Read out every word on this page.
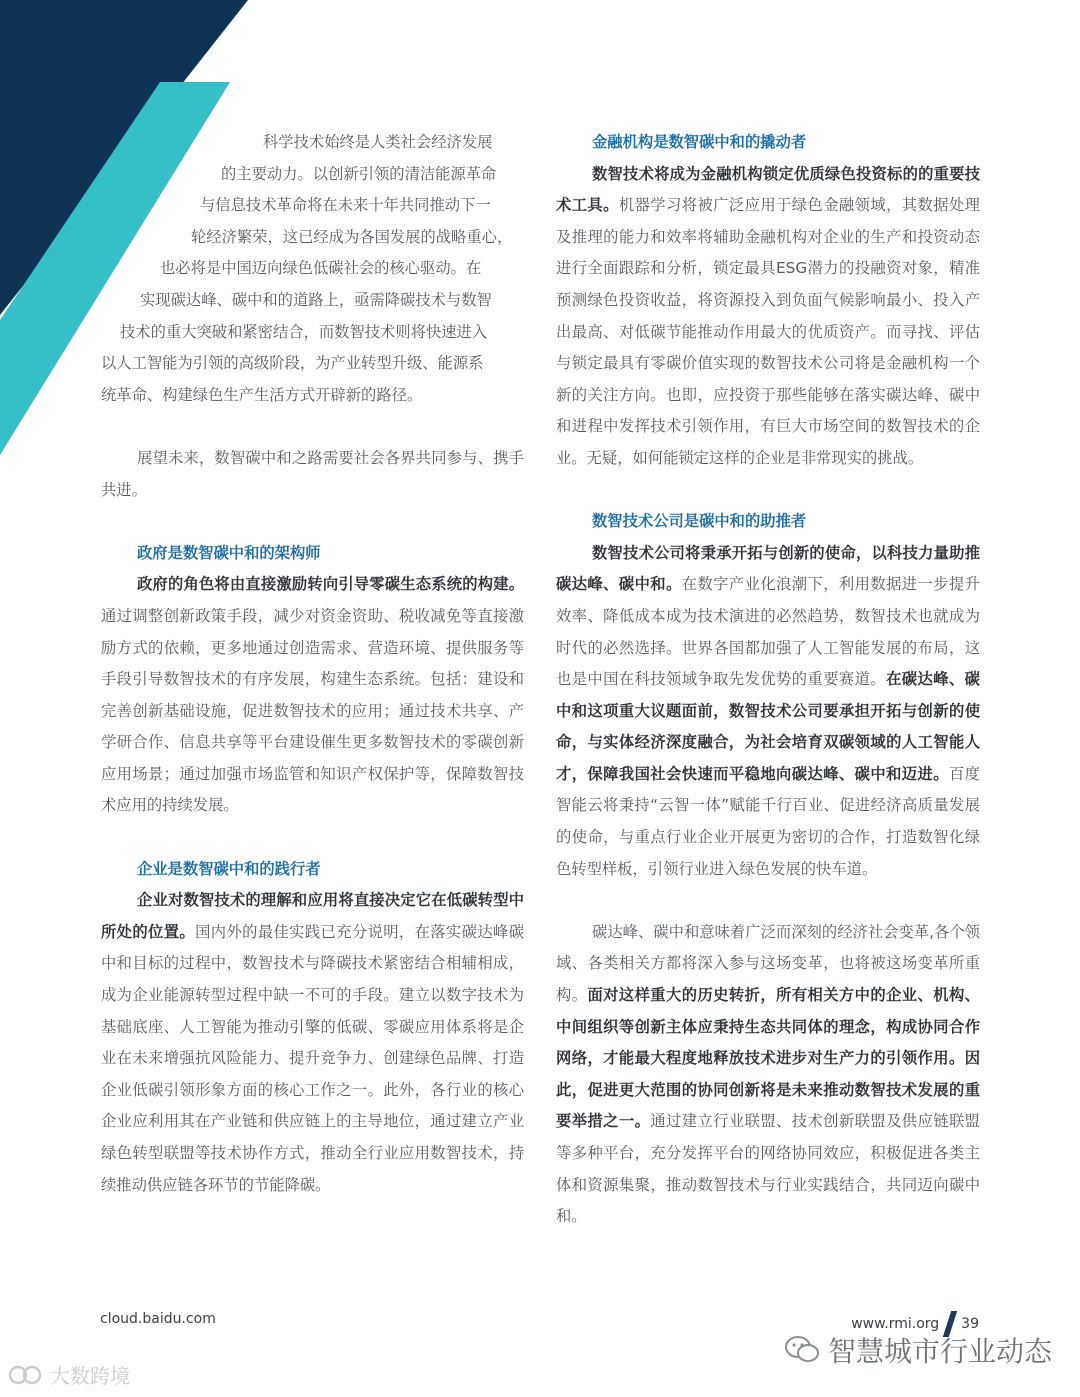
科学技术始终是人类社会经济发展

的主要动力。以创新引领的清洁能源革命

与信息技术革命将在未来十年共同推动下一

轮经济繁荣，这已经成为各国发展的战略重心，

也必将是中国迈向绿色低碳社会的核心驱动。在

实现碳达峰、碳中和的道路上，亟需降碳技术与数智

技术的重大突破和紧密结合，而数智技术则将快速进入

以人工智能为引领的高级阶段，为产业转型升级、能源系

统革命、构建绿色生产生活方式开辟新的路径。

展望未来，数智碳中和之路需要社会各界共同参与、携手共进。

政府是数智碳中和的架构师

政府的角色将由直接激励转向引导零碳生态系统的构建。通过调整创新政策手段，减少对资金资助、税收减免等直接激励方式的依赖，更多地通过创造需求、营造环境、提供服务等手段引导数智技术的有序发展，构建生态系统。包括：建设和完善创新基础设施，促进数智技术的应用；通过技术共享、产学研合作、信息共享等平台建设催生更多数智技术的零碳创新应用场景；通过加强市场监管和知识产权保护等，保障数智技术应用的持续发展。

企业是数智碳中和的践行者

企业对数智技术的理解和应用将直接决定它在低碳转型中所处的位置。国内外的最佳实践已充分说明，在落实碳达峰碳中和目标的过程中，数智技术与降碳技术紧密结合相辅相成，成为企业能源转型过程中缺一不可的手段。建立以数字技术为基础底座、人工智能为推动引擎的低碳、零碳应用体系将是企业在未来增强抗风险能力、提升竞争力、创建绿色品牌、打造企业低碳引领形象方面的核心工作之一。此外，各行业的核心企业应利用其在产业链和供应链上的主导地位，通过建立产业绿色转型联盟等技术协作方式，推动全行业应用数智技术，持续推动供应链各环节的节能降碳。

金融机构是数智碳中和的撬动者

数智技术将成为金融机构锁定优质绿色投资标的的重要技术工具。机器学习将被广泛应用于绿色金融领域，其数据处理及推理的能力和效率将辅助金融机构对企业的生产和投资动态进行全面跟踪和分析，锁定最具ESG潜力的投融资对象，精准预测绿色投资收益，将资源投入到负面气候影响最小、投入产出最高、对低碳节能推动作用最大的优质资产。而寻找、评估与锁定最具有零碳价值实现的数智技术公司将是金融机构一个新的关注方向。也即，应投资于那些能够在落实碳达峰、碳中和进程中发挥技术引领作用，有巨大市场空间的数智技术的企业。无疑，如何能锁定这样的企业是非常现实的挑战。

数智技术公司是碳中和的助推者

数智技术公司将秉承开拓与创新的使命，以科技力量助推碳达峰、碳中和。在数字产业化浪潮下，利用数据进一步提升效率、降低成本成为技术演进的必然趋势，数智技术也就成为时代的必然选择。世界各国都加强了人工智能发展的布局，这也是中国在科技领域争取先发优势的重要赛道。在碳达峰、碳中和这项重大议题面前，数智技术公司要承担开拓与创新的使命，与实体经济深度融合，为社会培育双碳领域的人工智能人才，保障我国社会快速而平稳地向碳达峰、碳中和迈进。百度智能云将秉持“云智一体”赋能千行百业、促进经济高质量发展的使命，与重点行业企业开展更为密切的合作，打造数智化绿色转型样板，引领行业进入绿色发展的快车道。

碳达峰、碳中和意味着广泛而深刻的经济社会变革,各个领域、各类相关方都将深入参与这场变革，也将被这场变革所重构。面对这样重大的历史转折，所有相关方中的企业、机构、中间组织等创新主体应秉持生态共同体的理念，构成协同合作网络，才能最大程度地释放技术进步对生产力的引领作用。因此，促进更大范围的协同创新将是未来推动数智技术发展的重要举措之一。通过建立行业联盟、技术创新联盟及供应链联盟等多种平台，充分发挥平台的网络协同效应，积极促进各类主体和资源集聚，推动数智技术与行业实践结合，共同迈向碳中和。

cloud.baidu.com	www.rmi.org 39
智慧城市行业动态
大数跨境
